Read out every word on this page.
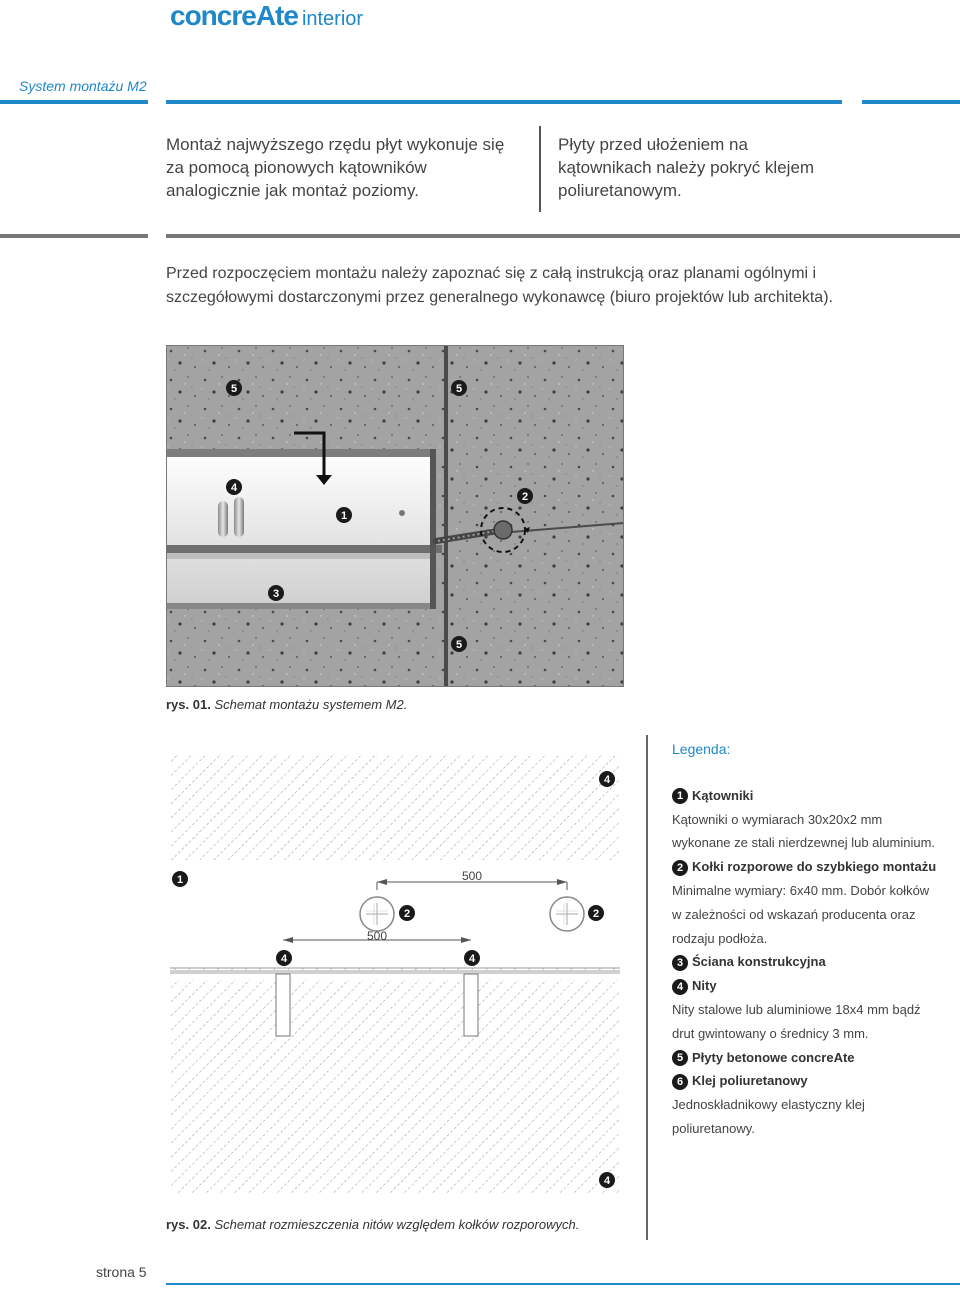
concreAte interior
System montażu M2
Montaż najwyższego rzędu płyt wykonuje się za pomocą pionowych kątowników analogicznie jak montaż poziomy.
Płyty przed ułożeniem na kątownikach należy pokryć klejem poliuretanowym.
Przed rozpoczęciem montażu należy zapoznać się z całą instrukcją oraz planami ogólnymi i szczegółowymi dostarczonymi przez generalnego wykonawcę (biuro projektów lub architekta).
5	5
4
1
2
3
5
rys. 01. Schemat montażu systemem M2.
500
500
4
1
2	2
4	4
4
rys. 02. Schemat rozmieszczenia nitów względem kołków rozporowych.
Legenda:
1 Kątowniki
Kątowniki o wymiarach 30x20x2 mm wykonane ze stali nierdzewnej lub aluminium.
2 Kołki rozporowe do szybkiego montażu
Minimalne wymiary: 6x40 mm. Dobór kołków w zależności od wskazań producenta oraz rodzaju podłoża.
3 Ściana konstrukcyjna
4 Nity
Nity stalowe lub aluminiowe 18x4 mm bądź drut gwintowany o średnicy 3 mm.
5 Płyty betonowe concreAte
6 Klej poliuretanowy
Jednoskładnikowy elastyczny klej poliuretanowy.
strona 5
